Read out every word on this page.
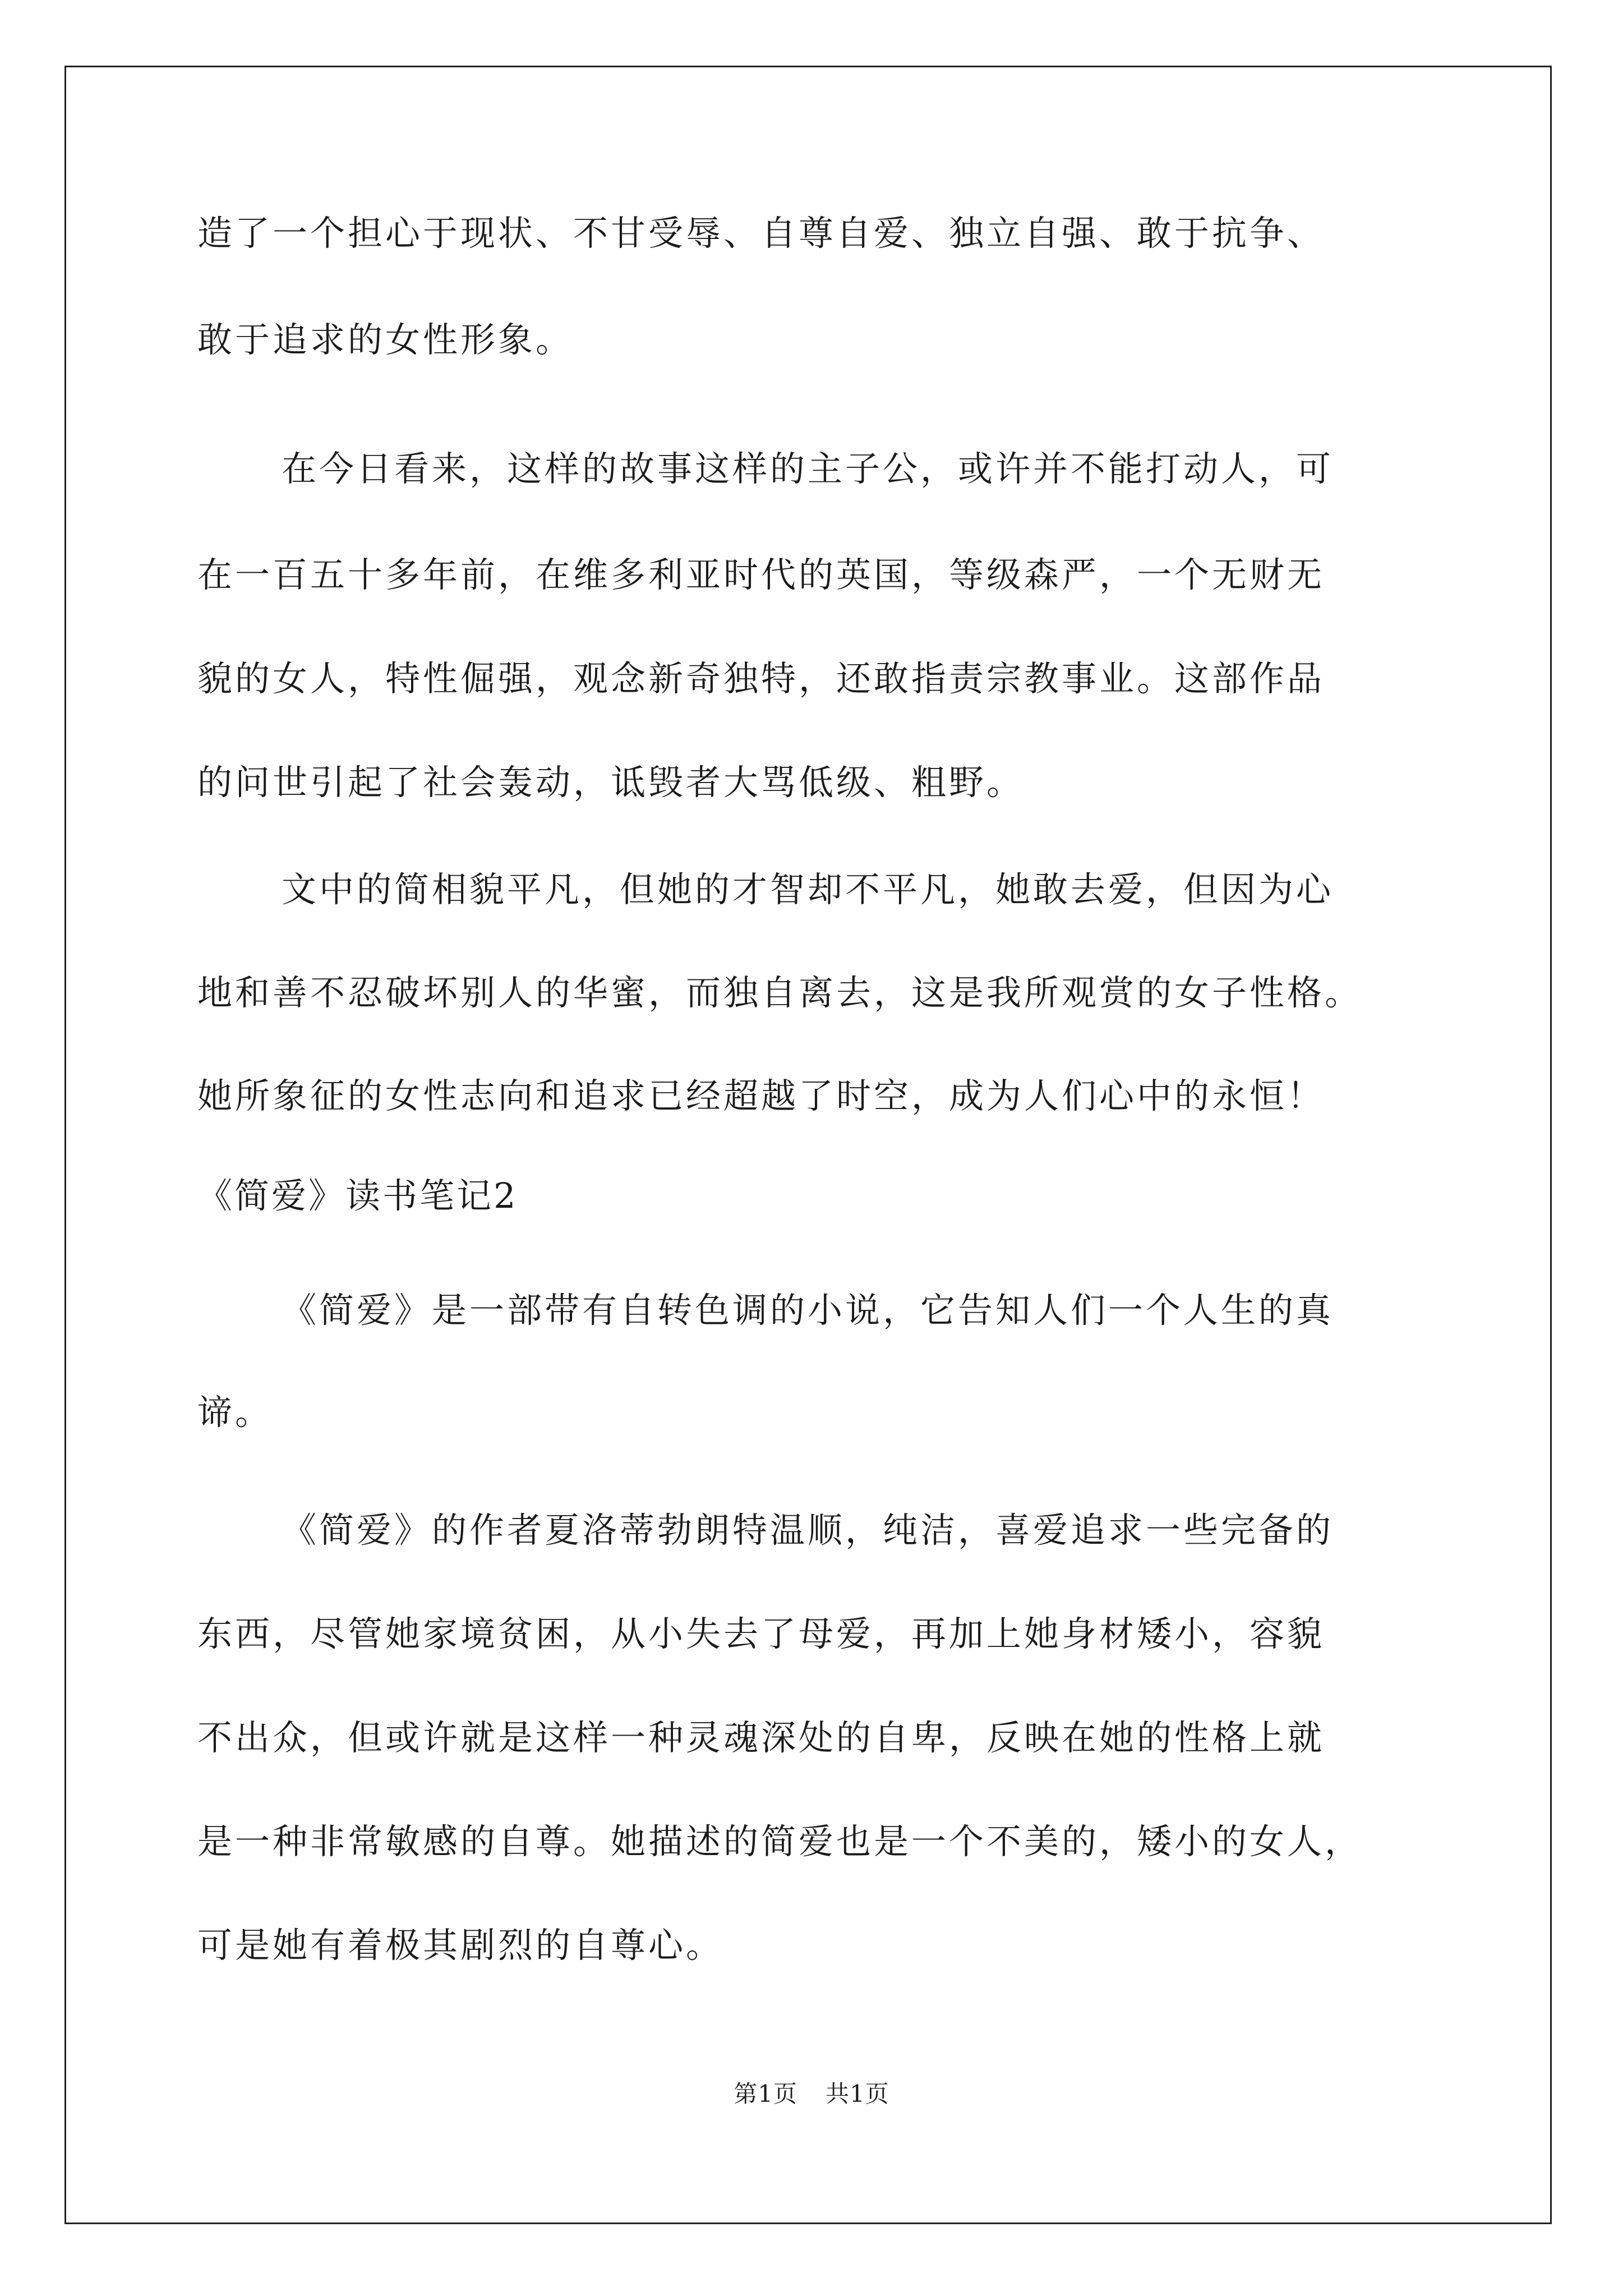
造了一个担心于现状、不甘受辱、自尊自爱、独立自强、敢于抗争、
敢于追求的女性形象。
在今日看来，这样的故事这样的主子公，或许并不能打动人，可
在一百五十多年前，在维多利亚时代的英国，等级森严，一个无财无
貌的女人，特性倔强，观念新奇独特，还敢指责宗教事业。这部作品
的问世引起了社会轰动，诋毁者大骂低级、粗野。
文中的简相貌平凡，但她的才智却不平凡，她敢去爱，但因为心
地和善不忍破坏别人的华蜜，而独自离去，这是我所观赏的女子性格。
她所象征的女性志向和追求已经超越了时空，成为人们心中的永恒！
《简爱》读书笔记2
《简爱》是一部带有自转色调的小说，它告知人们一个人生的真
谛。
《简爱》的作者夏洛蒂勃朗特温顺，纯洁，喜爱追求一些完备的
东西，尽管她家境贫困，从小失去了母爱，再加上她身材矮小，容貌
不出众，但或许就是这样一种灵魂深处的自卑，反映在她的性格上就
是一种非常敏感的自尊。她描述的简爱也是一个不美的，矮小的女人，
可是她有着极其剧烈的自尊心。
第1页 共1页
